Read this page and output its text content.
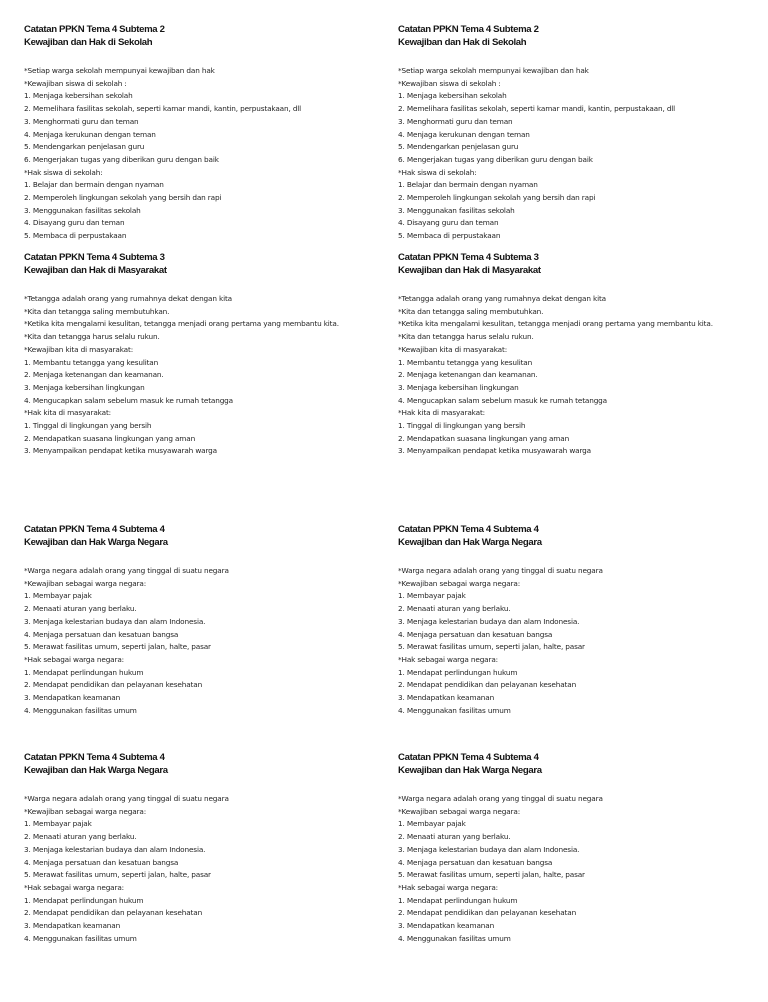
Catatan PPKN Tema 4 Subtema 2
Kewajiban dan Hak di Sekolah
*Setiap warga sekolah mempunyai kewajiban dan hak
*Kewajiban siswa di sekolah :
1. Menjaga kebersihan sekolah
2. Memelihara fasilitas sekolah, seperti kamar mandi, kantin, perpustakaan, dll
3. Menghormati guru dan teman
4. Menjaga kerukunan dengan teman
5. Mendengarkan penjelasan guru
6. Mengerjakan tugas yang diberikan guru dengan baik
*Hak siswa di sekolah:
1. Belajar dan bermain dengan nyaman
2. Memperoleh lingkungan sekolah yang bersih dan rapi
3. Menggunakan fasilitas sekolah
4. Disayang guru dan teman
5. Membaca di perpustakaan
Catatan PPKN Tema 4 Subtema 3
Kewajiban dan Hak di Masyarakat
*Tetangga adalah orang yang rumahnya dekat dengan kita
*Kita dan tetangga saling membutuhkan.
*Ketika kita mengalami kesulitan, tetangga menjadi orang pertama yang membantu kita.
*Kita dan tetangga harus selalu rukun.
*Kewajiban kita di masyarakat:
1. Membantu tetangga yang kesulitan
2. Menjaga ketenangan dan keamanan.
3. Menjaga kebersihan lingkungan
4. Mengucapkan salam sebelum masuk ke rumah tetangga
*Hak kita di masyarakat:
1. Tinggal di lingkungan yang bersih
2. Mendapatkan suasana lingkungan yang aman
3. Menyampaikan pendapat ketika musyawarah warga
Catatan PPKN Tema 4 Subtema 4
Kewajiban dan Hak Warga Negara
*Warga negara adalah orang yang tinggal di suatu negara
*Kewajiban sebagai warga negara:
1. Membayar pajak
2. Menaati aturan yang berlaku.
3. Menjaga kelestarian budaya dan alam Indonesia.
4. Menjaga persatuan dan kesatuan bangsa
5. Merawat fasilitas umum, seperti jalan, halte, pasar
*Hak sebagai warga negara:
1. Mendapat perlindungan hukum
2. Mendapat pendidikan dan pelayanan kesehatan
3. Mendapatkan keamanan
4. Menggunakan fasilitas umum
Catatan PPKN Tema 4 Subtema 4
Kewajiban dan Hak Warga Negara
*Warga negara adalah orang yang tinggal di suatu negara
*Kewajiban sebagai warga negara:
1. Membayar pajak
2. Menaati aturan yang berlaku.
3. Menjaga kelestarian budaya dan alam Indonesia.
4. Menjaga persatuan dan kesatuan bangsa
5. Merawat fasilitas umum, seperti jalan, halte, pasar
*Hak sebagai warga negara:
1. Mendapat perlindungan hukum
2. Mendapat pendidikan dan pelayanan kesehatan
3. Mendapatkan keamanan
4. Menggunakan fasilitas umum
Catatan PPKN Tema 4 Subtema 2
Kewajiban dan Hak di Sekolah
*Setiap warga sekolah mempunyai kewajiban dan hak
*Kewajiban siswa di sekolah :
1. Menjaga kebersihan sekolah
2. Memelihara fasilitas sekolah, seperti kamar mandi, kantin, perpustakaan, dll
3. Menghormati guru dan teman
4. Menjaga kerukunan dengan teman
5. Mendengarkan penjelasan guru
6. Mengerjakan tugas yang diberikan guru dengan baik
*Hak siswa di sekolah:
1. Belajar dan bermain dengan nyaman
2. Memperoleh lingkungan sekolah yang bersih dan rapi
3. Menggunakan fasilitas sekolah
4. Disayang guru dan teman
5. Membaca di perpustakaan
Catatan PPKN Tema 4 Subtema 3
Kewajiban dan Hak di Masyarakat
*Tetangga adalah orang yang rumahnya dekat dengan kita
*Kita dan tetangga saling membutuhkan.
*Ketika kita mengalami kesulitan, tetangga menjadi orang pertama yang membantu kita.
*Kita dan tetangga harus selalu rukun.
*Kewajiban kita di masyarakat:
1. Membantu tetangga yang kesulitan
2. Menjaga ketenangan dan keamanan.
3. Menjaga kebersihan lingkungan
4. Mengucapkan salam sebelum masuk ke rumah tetangga
*Hak kita di masyarakat:
1. Tinggal di lingkungan yang bersih
2. Mendapatkan suasana lingkungan yang aman
3. Menyampaikan pendapat ketika musyawarah warga
Catatan PPKN Tema 4 Subtema 4
Kewajiban dan Hak Warga Negara
*Warga negara adalah orang yang tinggal di suatu negara
*Kewajiban sebagai warga negara:
1. Membayar pajak
2. Menaati aturan yang berlaku.
3. Menjaga kelestarian budaya dan alam Indonesia.
4. Menjaga persatuan dan kesatuan bangsa
5. Merawat fasilitas umum, seperti jalan, halte, pasar
*Hak sebagai warga negara:
1. Mendapat perlindungan hukum
2. Mendapat pendidikan dan pelayanan kesehatan
3. Mendapatkan keamanan
4. Menggunakan fasilitas umum
Catatan PPKN Tema 4 Subtema 4
Kewajiban dan Hak Warga Negara
*Warga negara adalah orang yang tinggal di suatu negara
*Kewajiban sebagai warga negara:
1. Membayar pajak
2. Menaati aturan yang berlaku.
3. Menjaga kelestarian budaya dan alam Indonesia.
4. Menjaga persatuan dan kesatuan bangsa
5. Merawat fasilitas umum, seperti jalan, halte, pasar
*Hak sebagai warga negara:
1. Mendapat perlindungan hukum
2. Mendapat pendidikan dan pelayanan kesehatan
3. Mendapatkan keamanan
4. Menggunakan fasilitas umum
